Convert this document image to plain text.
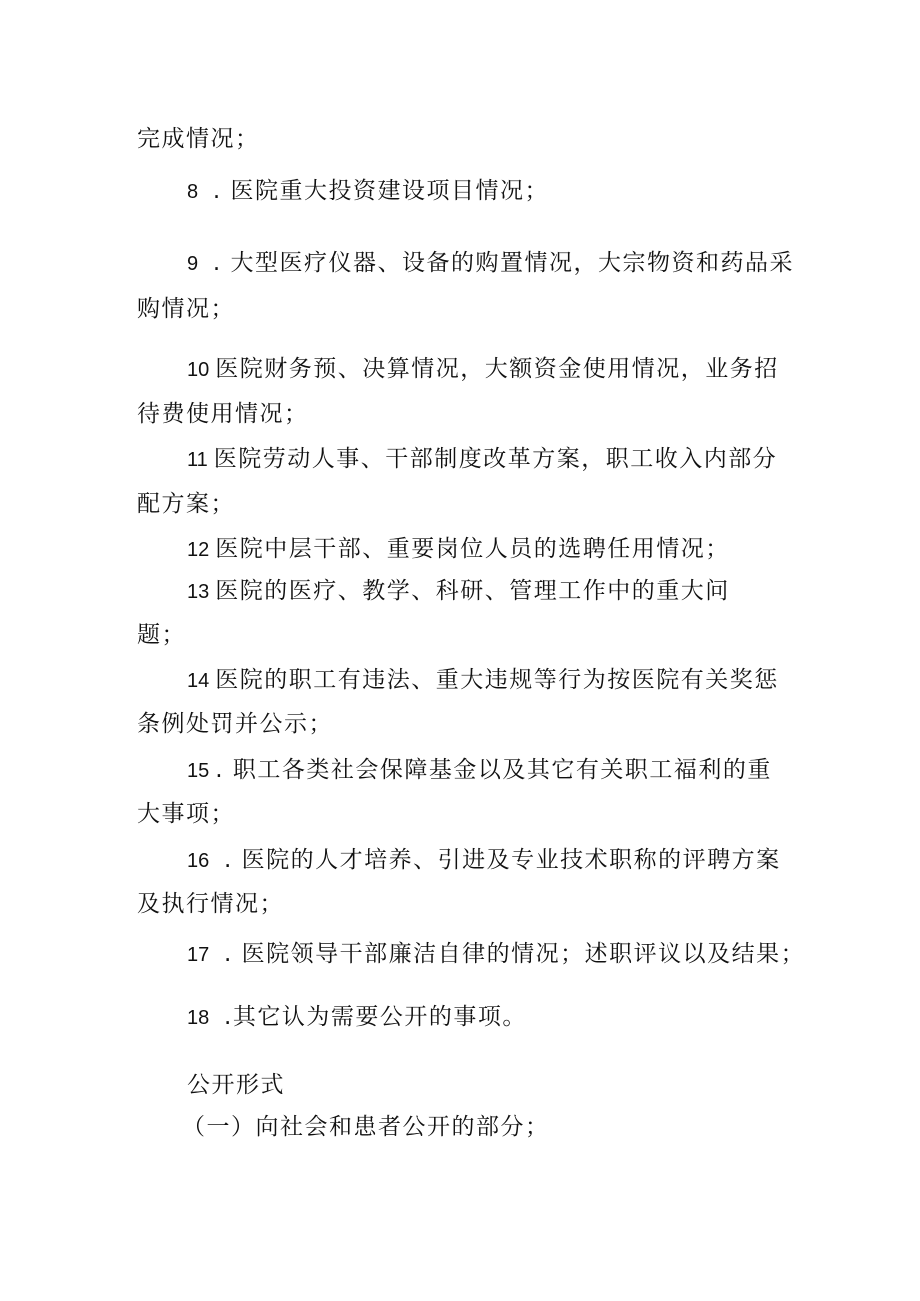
完成情况；
8 . 医院重大投资建设项目情况；
9 . 大型医疗仪器、设备的购置情况，大宗物资和药品采
购情况；
10 医院财务预、决算情况，大额资金使用情况，业务招
待费使用情况；
11 医院劳动人事、干部制度改革方案，职工收入内部分
配方案；
12 医院中层干部、重要岗位人员的选聘任用情况；
13 医院的医疗、教学、科研、管理工作中的重大问
题；
14 医院的职工有违法、重大违规等行为按医院有关奖惩
条例处罚并公示；
15 . 职工各类社会保障基金以及其它有关职工福利的重
大事项；
16 . 医院的人才培养、引进及专业技术职称的评聘方案
及执行情况；
17 . 医院领导干部廉洁自律的情况；述职评议以及结果；
18 .其它认为需要公开的事项。
公开形式
（一）向社会和患者公开的部分；
